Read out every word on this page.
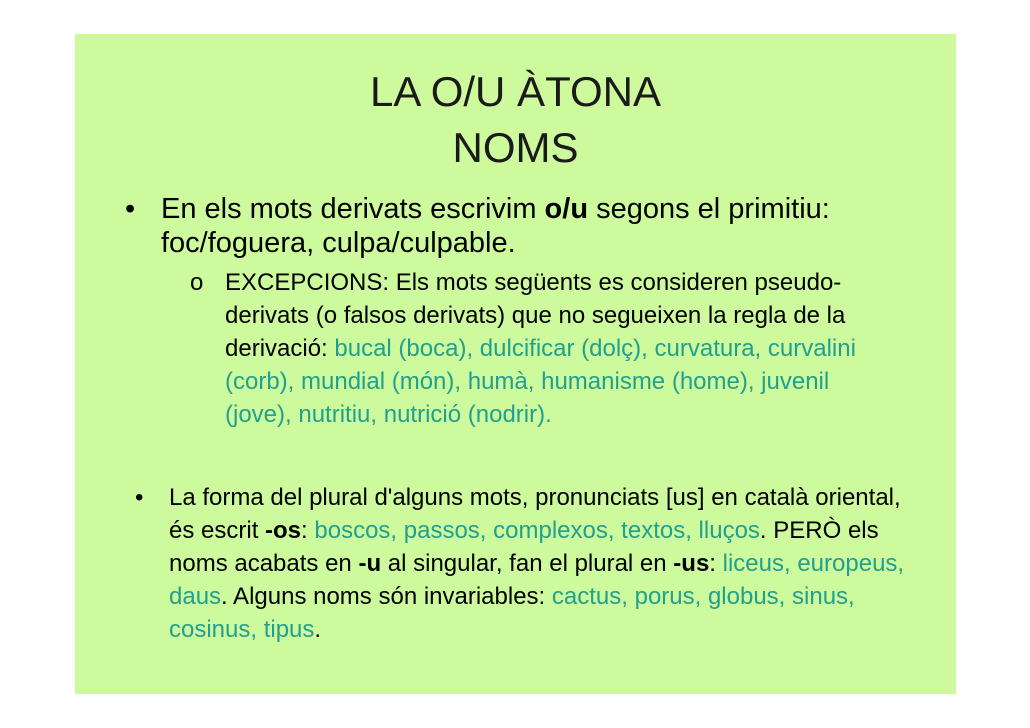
LA O/U ÀTONA
NOMS
• En els mots derivats escrivim o/u segons el primitiu: foc/foguera, culpa/culpable.
o EXCEPCIONS: Els mots següents es consideren pseudo-derivats (o falsos derivats) que no segueixen la regla de la derivació: bucal (boca), dulcificar (dolç), curvatura, curvalini (corb), mundial (món), humà, humanisme (home), juvenil (jove), nutritiu, nutrició (nodrir).
• La forma del plural d'alguns mots, pronunciats [us] en català oriental, és escrit -os: boscos, passos, complexos, textos, lluços. PERÒ els noms acabats en -u al singular, fan el plural en -us: liceus, europeus, daus. Alguns noms són invariables: cactus, porus, globus, sinus, cosinus, tipus.
